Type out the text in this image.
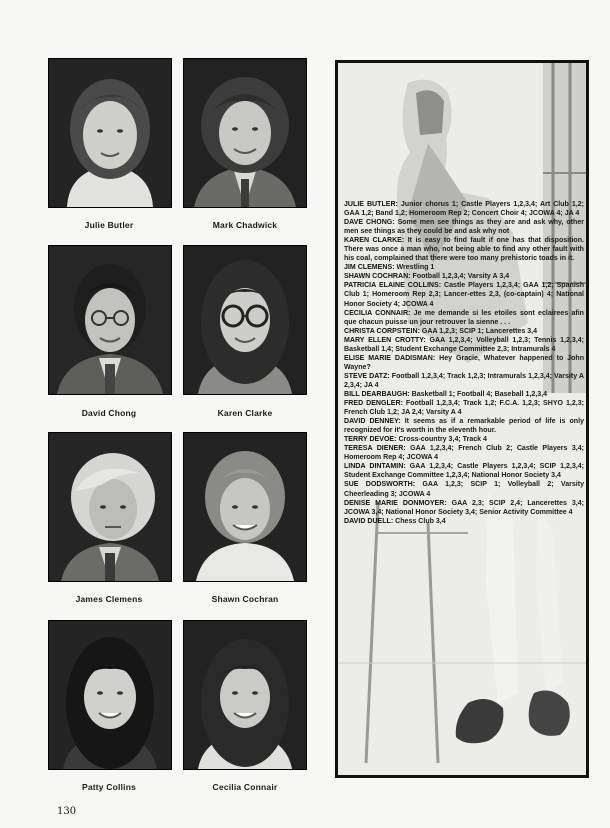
Julie Butler	Mark Chadwick
David Chong	Karen Clarke
James Clemens	Shawn Cochran
Patty Collins	Cecilia Connair
JULIE BUTLER: Junior chorus 1; Castle Players 1,2,3,4; Art Club 1,2; GAA 1,2; Band 1,2; Homeroom Rep 2; Concert Choir 4; JCOWA 4; JA 4
DAVE CHONG: Some men see things as they are and ask why, other men see things as they could be and ask why not
KAREN CLARKE: It is easy to find fault if one has that disposition. There was once a man who, not being able to find any other fault with his coal, complained that there were too many prehistoric toads in it.
JIM CLEMENS: Wrestling 1
SHAWN COCHRAN: Football 1,2,3,4; Varsity A 3,4
PATRICIA ELAINE COLLINS: Castle Players 1,2,3,4; GAA 1,2; Spanish Club 1; Homeroom Rep 2,3; Lancer-ettes 2,3, (co-captain) 4; National Honor Society 4; JCOWA 4
CECILIA CONNAIR: Je me demande si les etoiles sont eclairees afin que chacun puisse un jour retrouver la sienne . . .
CHRISTA CORPSTEIN: GAA 1,2,3; SCIP 1; Lancerettes 3,4
MARY ELLEN CROTTY: GAA 1,2,3,4; Volleyball 1,2,3; Tennis 1,2,3,4; Basketball 1,4; Student Exchange Committee 2,3; Intramurals 4
ELISE MARIE DADISMAN: Hey Gracie, Whatever happened to John Wayne?
STEVE DATZ: Football 1,2,3,4; Track 1,2,3; Intramurals 1,2,3,4; Varsity A 2,3,4; JA 4
BILL DEARBAUGH: Basketball 1; Football 4; Baseball 1,2,3,4
FRED DENGLER: Football 1,2,3,4; Track 1,2; F.C.A. 1,2,3; SHYO 1,2,3; French Club 1,2; JA 2,4; Varsity A 4
DAVID DENNEY: It seems as if a remarkable period of life is only recognized for it's worth in the eleventh hour.
TERRY DEVOE: Cross-country 3,4; Track 4
TERESA DIENER: GAA 1,2,3,4; French Club 2; Castle Players 3,4; Homeroom Rep 4; JCOWA 4
LINDA DINTAMIN: GAA 1,2,3,4; Castle Players 1,2,3,4; SCIP 1,2,3,4; Student Exchange Committee 1,2,3,4; National Honor Society 3,4
SUE DODSWORTH: GAA 1,2,3; SCIP 1; Volleyball 2; Varsity Cheerleading 3; JCOWA 4
DENISE MARIE DONMOYER: GAA 2,3; SCIP 2,4; Lancerettes 3,4; JCOWA 3,4; National Honor Society 3,4; Senior Activity Committee 4
DAVID DUELL: Chess Club 3,4
130
